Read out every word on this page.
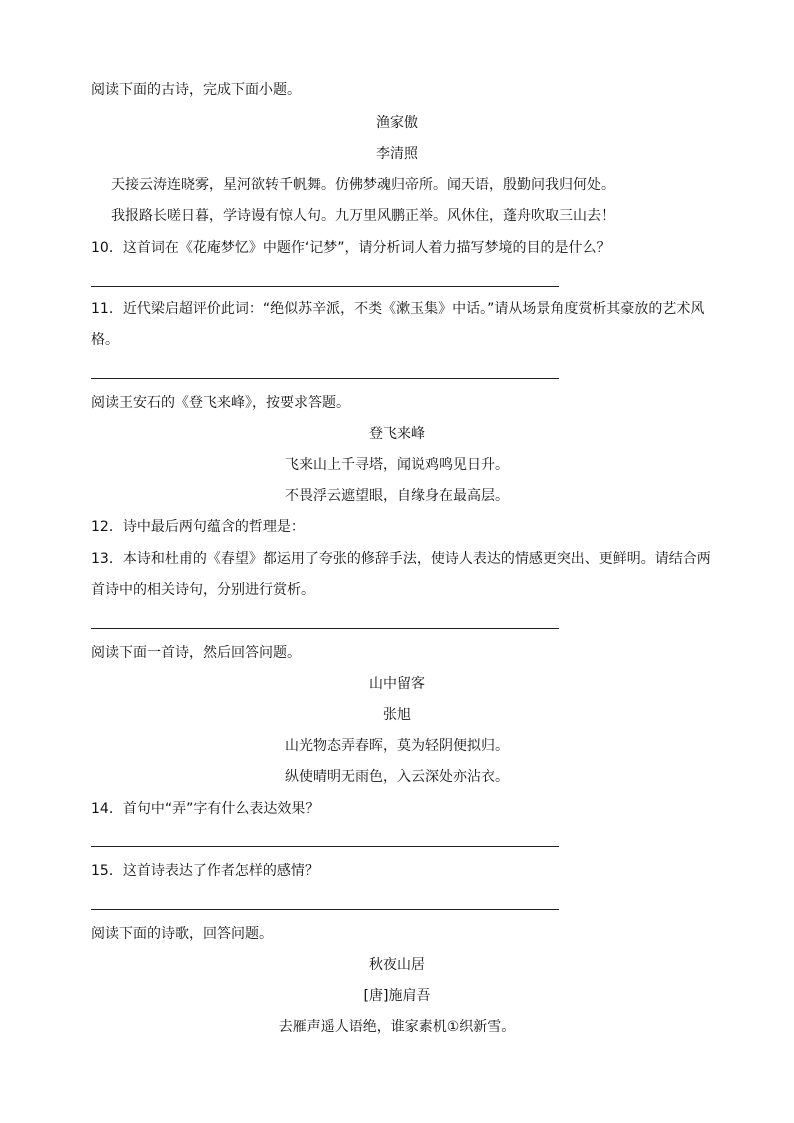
阅读下面的古诗，完成下面小题。
渔家傲
李清照
天接云涛连晓雾，星河欲转千帆舞。仿佛梦魂归帝所。闻天语，殷勤问我归何处。
我报路长嗟日暮，学诗谩有惊人句。九万里风鹏正举。风休住，蓬舟吹取三山去！
10．这首词在《花庵梦忆》中题作‘记梦”，请分析词人着力描写梦境的目的是什么？
11．近代梁启超评价此词：“绝似苏辛派，不类《漱玉集》中话。”请从场景角度赏析其豪放的艺术风格。
阅读王安石的《登飞来峰》，按要求答题。
登飞来峰
飞来山上千寻塔，闻说鸡鸣见日升。
不畏浮云遮望眼，自缘身在最高层。
12．诗中最后两句蕴含的哲理是：
13．本诗和杜甫的《春望》都运用了夸张的修辞手法，使诗人表达的情感更突出、更鲜明。请结合两首诗中的相关诗句，分别进行赏析。
阅读下面一首诗，然后回答问题。
山中留客
张旭
山光物态弄春晖，莫为轻阴便拟归。
纵使晴明无雨色，入云深处亦沾衣。
14．首句中“弄”字有什么表达效果？
15．这首诗表达了作者怎样的感情？
阅读下面的诗歌，回答问题。
秋夜山居
[唐]施肩吾
去雁声遥人语绝，谁家素机①织新雪。
